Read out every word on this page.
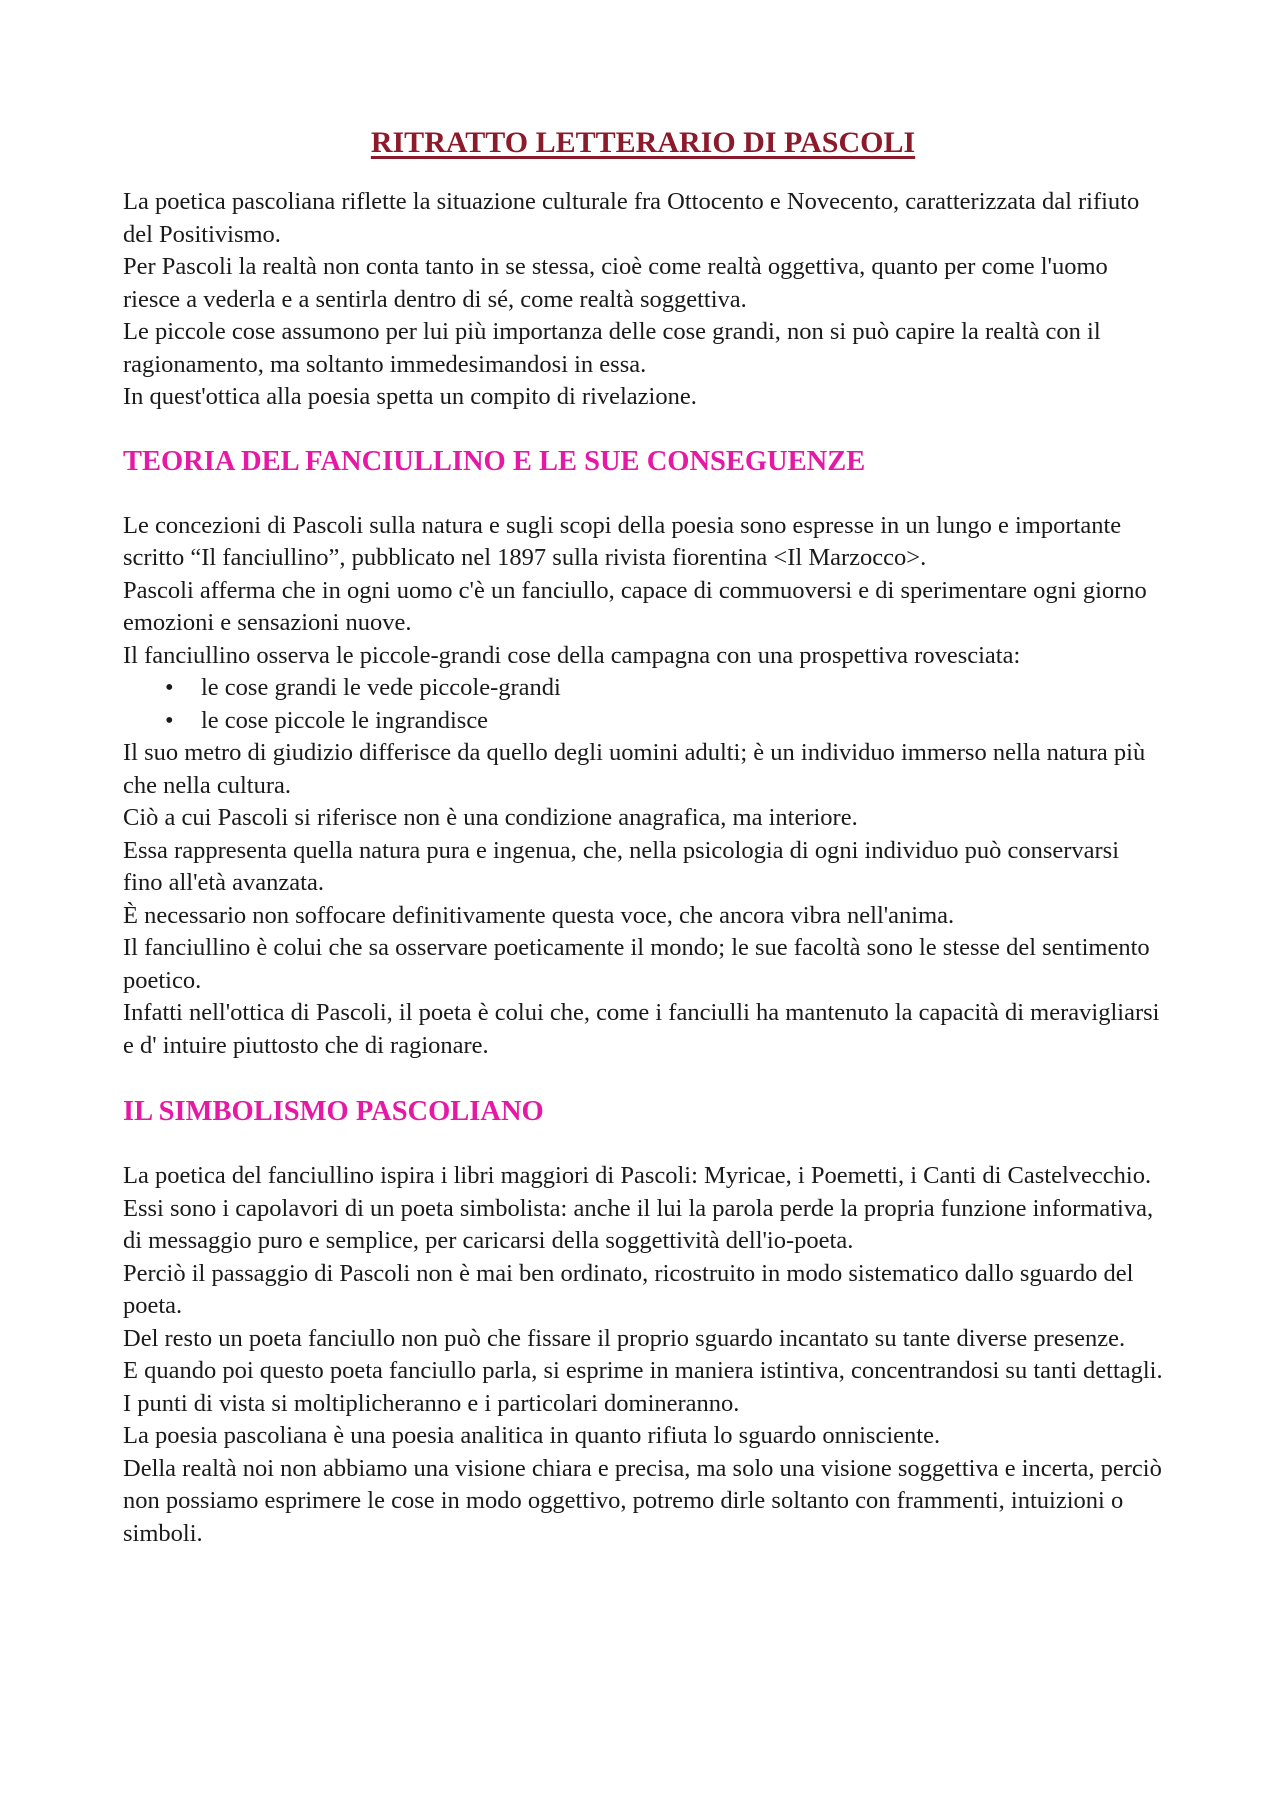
RITRATTO LETTERARIO DI PASCOLI

La poetica pascoliana riflette la situazione culturale fra Ottocento e Novecento, caratterizzata dal rifiuto del Positivismo.

Per Pascoli la realtà non conta tanto in se stessa, cioè come realtà oggettiva, quanto per come l'uomo riesce a vederla e a sentirla dentro di sé, come realtà soggettiva.

Le piccole cose assumono per lui più importanza delle cose grandi, non si può capire la realtà con il ragionamento, ma soltanto immedesimandosi in essa.

In quest'ottica alla poesia spetta un compito di rivelazione.

TEORIA DEL FANCIULLINO E LE SUE CONSEGUENZE

Le concezioni di Pascoli sulla natura e sugli scopi della poesia sono espresse in un lungo e importante scritto “Il fanciullino”, pubblicato nel 1897 sulla rivista fiorentina <Il Marzocco>.

Pascoli afferma che in ogni uomo c'è un fanciullo, capace di commuoversi e di sperimentare ogni giorno emozioni e sensazioni nuove.

Il fanciullino osserva le piccole-grandi cose della campagna con una prospettiva rovesciata:

• le cose grandi le vede piccole-grandi
• le cose piccole le ingrandisce

Il suo metro di giudizio differisce da quello degli uomini adulti; è un individuo immerso nella natura più che nella cultura.

Ciò a cui Pascoli si riferisce non è una condizione anagrafica, ma interiore.

Essa rappresenta quella natura pura e ingenua, che, nella psicologia di ogni individuo può conservarsi fino all'età avanzata.

È necessario non soffocare definitivamente questa voce, che ancora vibra nell'anima.

Il fanciullino è colui che sa osservare poeticamente il mondo; le sue facoltà sono le stesse del sentimento poetico.

Infatti nell'ottica di Pascoli, il poeta è colui che, come i fanciulli ha mantenuto la capacità di meravigliarsi e d' intuire piuttosto che di ragionare.

IL SIMBOLISMO PASCOLIANO

La poetica del fanciullino ispira i libri maggiori di Pascoli: Myricae, i Poemetti, i Canti di Castelvecchio. Essi sono i capolavori di un poeta simbolista: anche il lui la parola perde la propria funzione informativa, di messaggio puro e semplice, per caricarsi della soggettività dell'io-poeta.

Perciò il passaggio di Pascoli non è mai ben ordinato, ricostruito in modo sistematico dallo sguardo del poeta.

Del resto un poeta fanciullo non può che fissare il proprio sguardo incantato su tante diverse presenze.

E quando poi questo poeta fanciullo parla, si esprime in maniera istintiva, concentrandosi su tanti dettagli. I punti di vista si moltiplicheranno e i particolari domineranno.

La poesia pascoliana è una poesia analitica in quanto rifiuta lo sguardo onnisciente.

Della realtà noi non abbiamo una visione chiara e precisa, ma solo una visione soggettiva e incerta, perciò non possiamo esprimere le cose in modo oggettivo, potremo dirle soltanto con frammenti, intuizioni o simboli.
